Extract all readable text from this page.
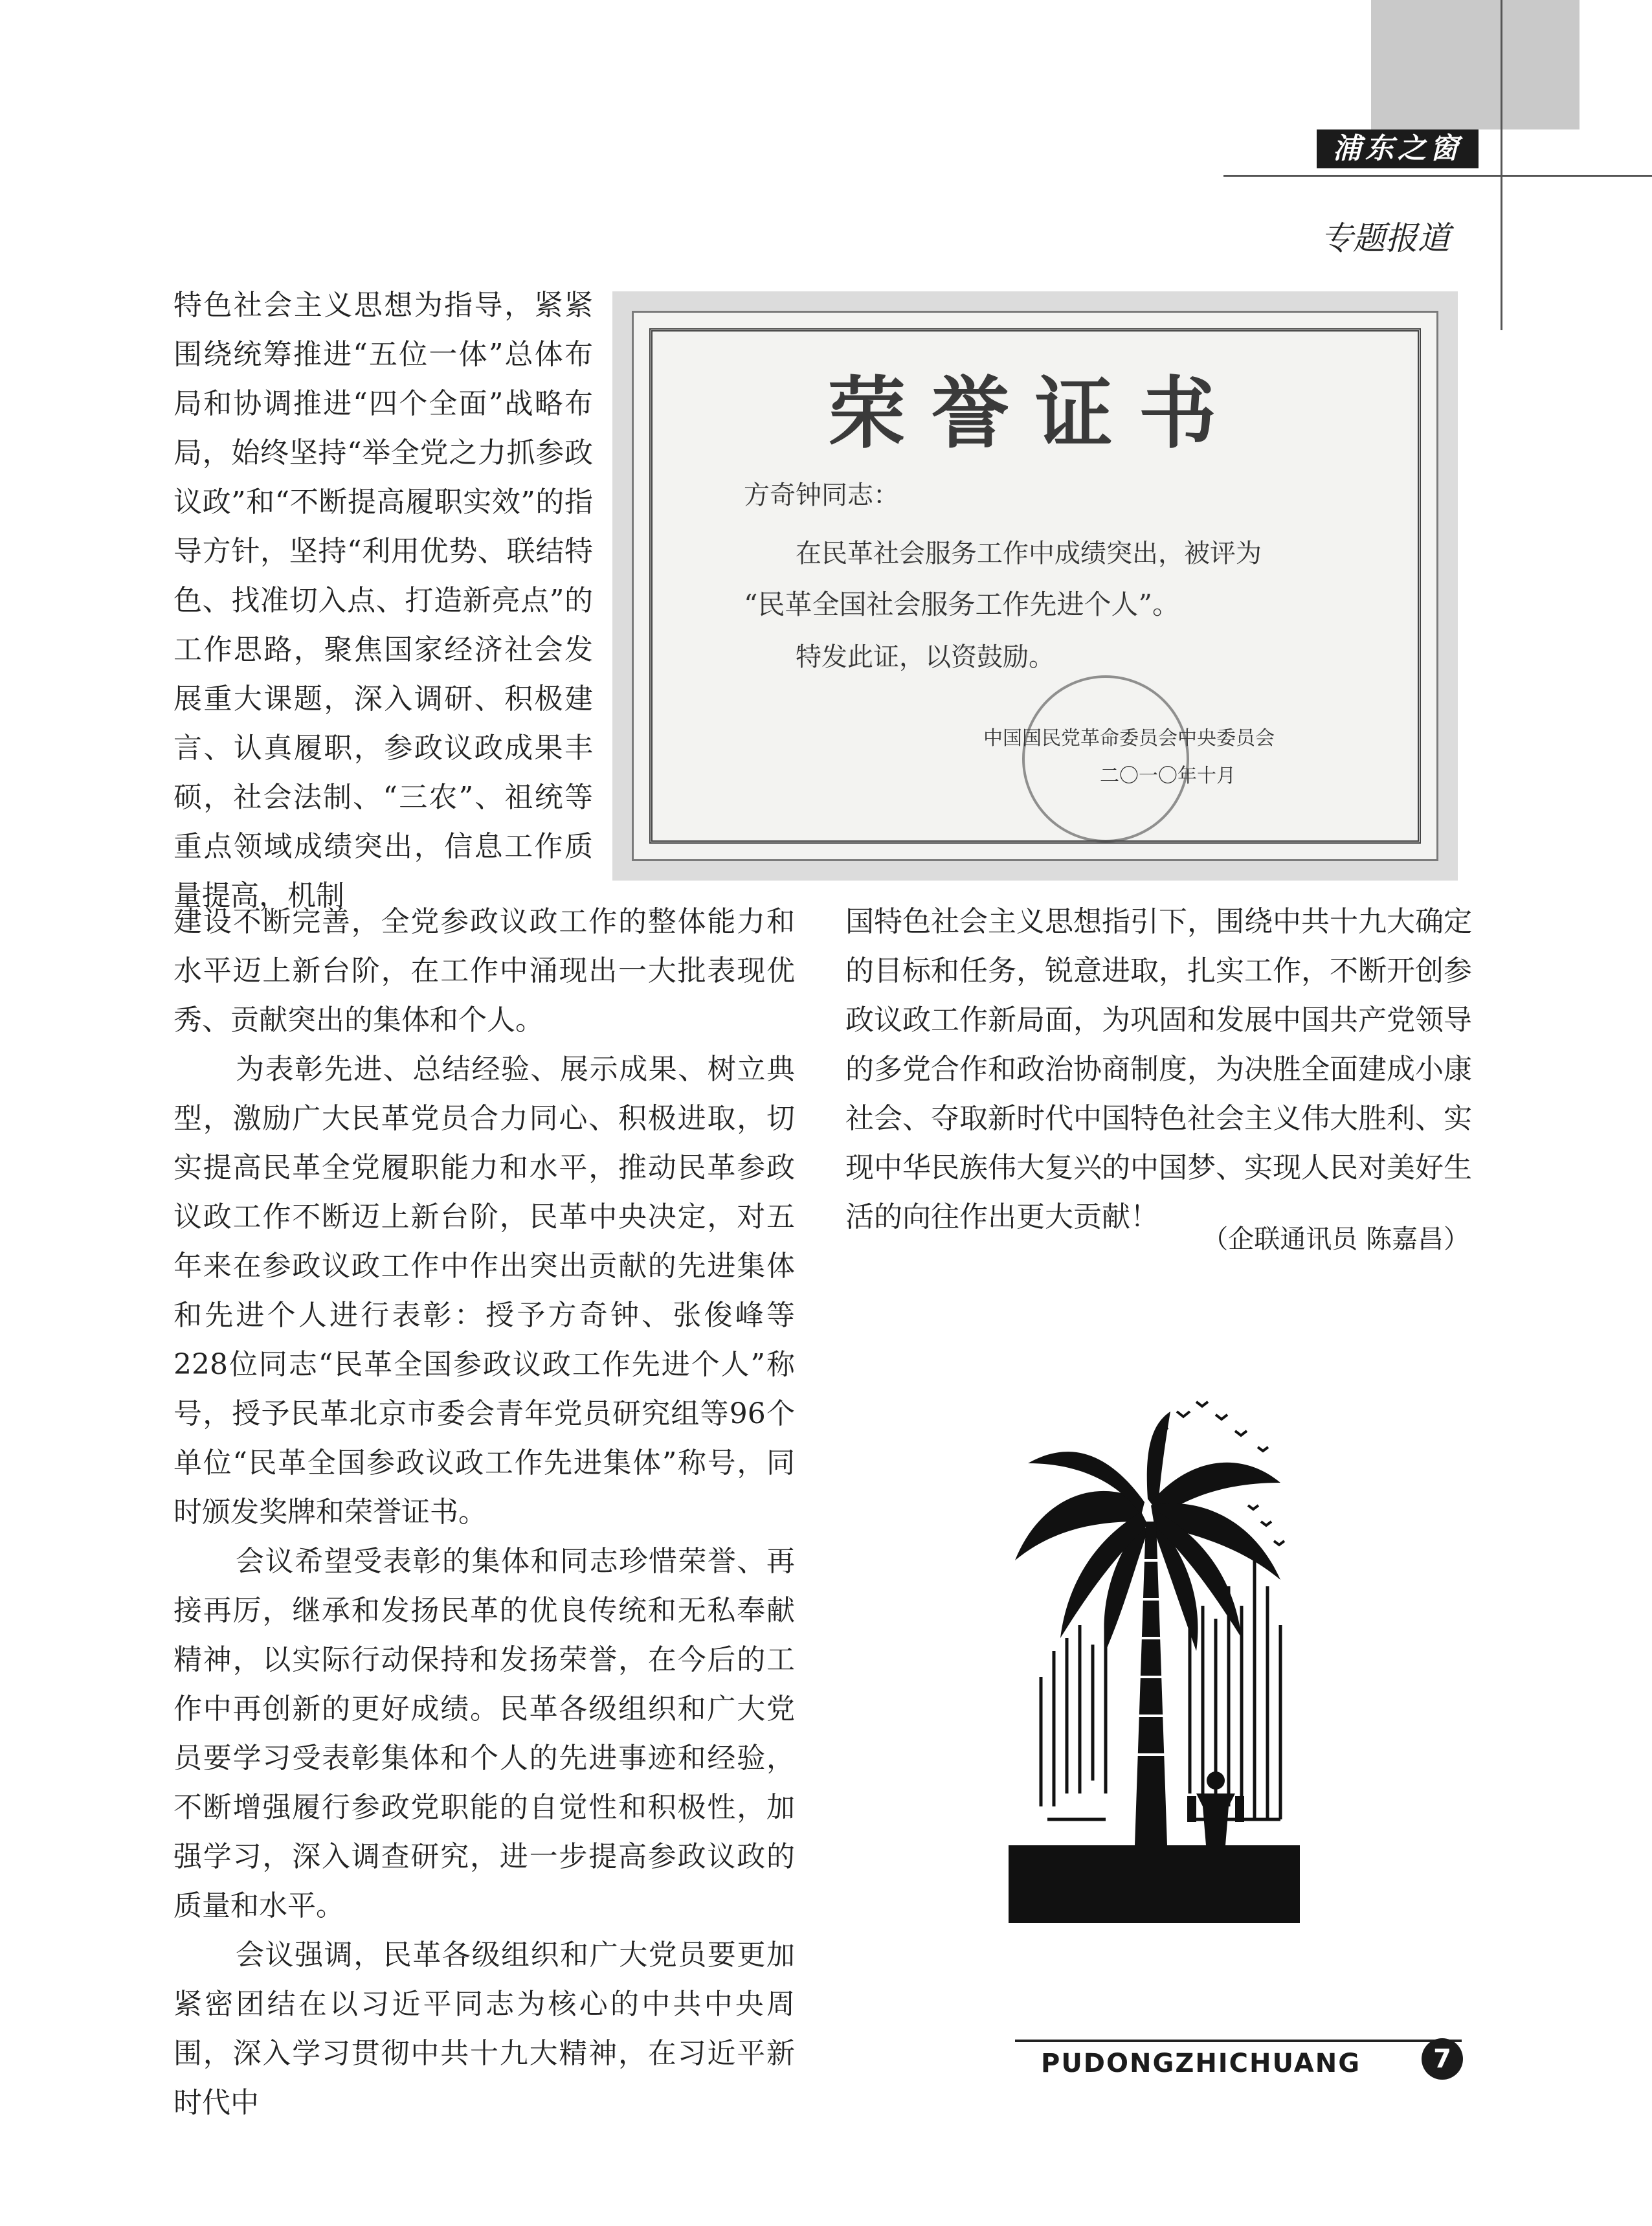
浦东之窗
专题报道

特色社会主义思想为指导，紧紧围绕统筹推进“五位一体”总体布局和协调推进“四个全面”战略布局，始终坚持“举全党之力抓参政议政”和“不断提高履职实效”的指导方针，坚持“利用优势、联结特色、找准切入点、打造新亮点”的工作思路，聚焦国家经济社会发展重大课题，深入调研、积极建言、认真履职，参政议政成果丰硕，社会法制、“三农”、祖统等重点领域成绩突出，信息工作质量提高，机制

荣誉证书
方奇钟同志：
在民革社会服务工作中成绩突出，被评为
“民革全国社会服务工作先进个人”。
特发此证，以资鼓励。
中国国民党革命委员会中央委员会
二〇一〇年十月

建设不断完善，全党参政议政工作的整体能力和水平迈上新台阶，在工作中涌现出一大批表现优秀、贡献突出的集体和个人。

为表彰先进、总结经验、展示成果、树立典型，激励广大民革党员合力同心、积极进取，切实提高民革全党履职能力和水平，推动民革参政议政工作不断迈上新台阶，民革中央决定，对五年来在参政议政工作中作出突出贡献的先进集体和先进个人进行表彰：授予方奇钟、张俊峰等228位同志“民革全国参政议政工作先进个人”称号，授予民革北京市委会青年党员研究组等96个单位“民革全国参政议政工作先进集体”称号，同时颁发奖牌和荣誉证书。

会议希望受表彰的集体和同志珍惜荣誉、再接再厉，继承和发扬民革的优良传统和无私奉献精神，以实际行动保持和发扬荣誉，在今后的工作中再创新的更好成绩。民革各级组织和广大党员要学习受表彰集体和个人的先进事迹和经验，不断增强履行参政党职能的自觉性和积极性，加强学习，深入调查研究，进一步提高参政议政的质量和水平。

会议强调，民革各级组织和广大党员要更加紧密团结在以习近平同志为核心的中共中央周围，深入学习贯彻中共十九大精神，在习近平新时代中

国特色社会主义思想指引下，围绕中共十九大确定的目标和任务，锐意进取，扎实工作，不断开创参政议政工作新局面，为巩固和发展中国共产党领导的多党合作和政治协商制度，为决胜全面建成小康社会、夺取新时代中国特色社会主义伟大胜利、实现中华民族伟大复兴的中国梦、实现人民对美好生活的向往作出更大贡献！

（企联通讯员 陈嘉昌）
PUDONGZHICHUANG	7
